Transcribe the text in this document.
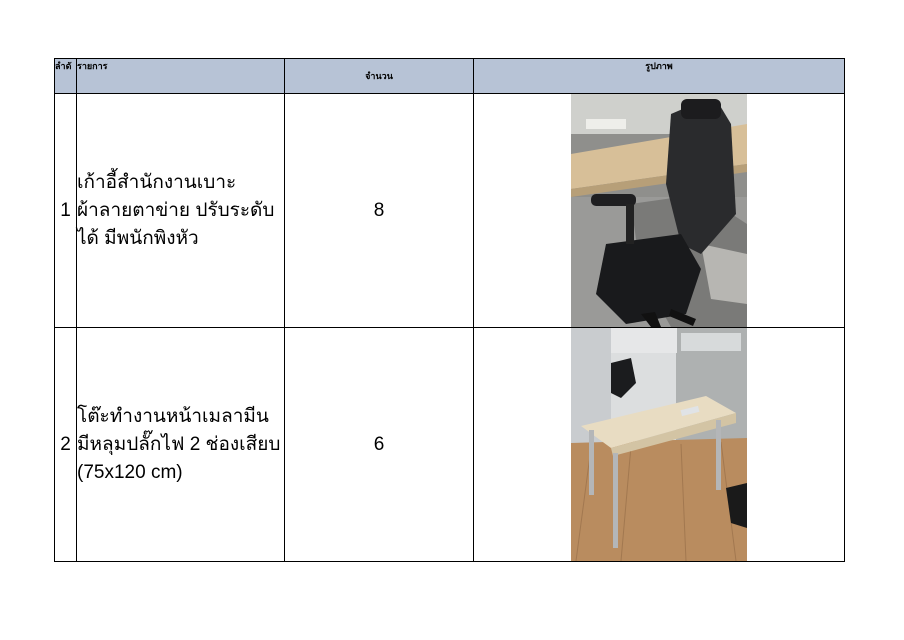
ลำดั	รายการ	จำนวน	รูปภาพ
1	เก้าอี้สำนักงานเบาะผ้าลายตาข่าย ปรับระดับได้ มีพนักพิงหัว	8	

2	โต๊ะทำงานหน้าเมลามีน มีหลุมปลั๊กไฟ 2 ช่องเสียบ (75x120 cm)	6	
